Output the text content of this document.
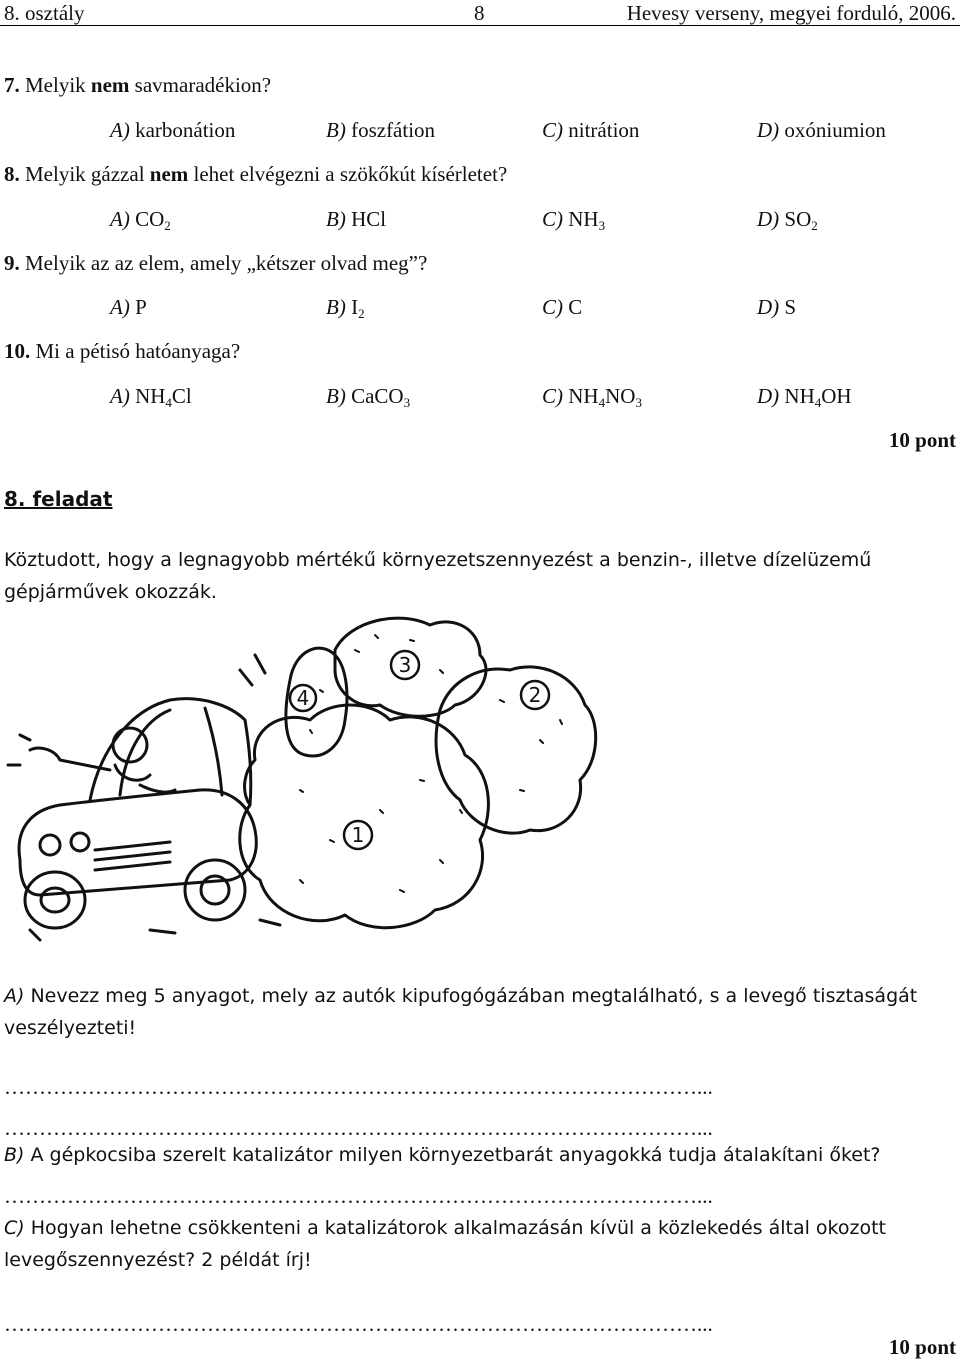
8. osztály	8	Hevesy verseny, megyei forduló, 2006.
7. Melyik nem savmaradékion?
A) karbonátion	B) foszfátion	C) nitrátion	D) oxóniumion
8. Melyik gázzal nem lehet elvégezni a szökőkút kísérletet?
A) $CO_2$	B) HCl	C) $NH_3$	D) $SO_2$
9. Melyik az az elem, amely „kétszer olvad meg”?
A) P	B) $I_2$	C) C	D) S
10. Mi a pétisó hatóanyaga?
A) $NH_4Cl$	B) CaCO$_3$	C) $NH_4NO_3$	D) $NH_4OH$
10 pont
8. feladat
Köztudott, hogy a legnagyobb mértékű környezetszennyezést a benzin-, illetve dízelüzemű gépjárművek okozzák.
1
2
3
4
A) Nevezz meg 5 anyagot, mely az autók kipufogógázában megtalálható, s a levegő tisztaságát veszélyezteti!
………………………………………………………………………………………...
………………………………………………………………………………………...
B) A gépkocsiba szerelt katalizátor milyen környezetbarát anyagokká tudja átalakítani őket?
………………………………………………………………………………………...
C) Hogyan lehetne csökkenteni a katalizátorok alkalmazásán kívül a közlekedés által okozott levegőszennyezést? 2 példát írj!
………………………………………………………………………………………...
10 pont
